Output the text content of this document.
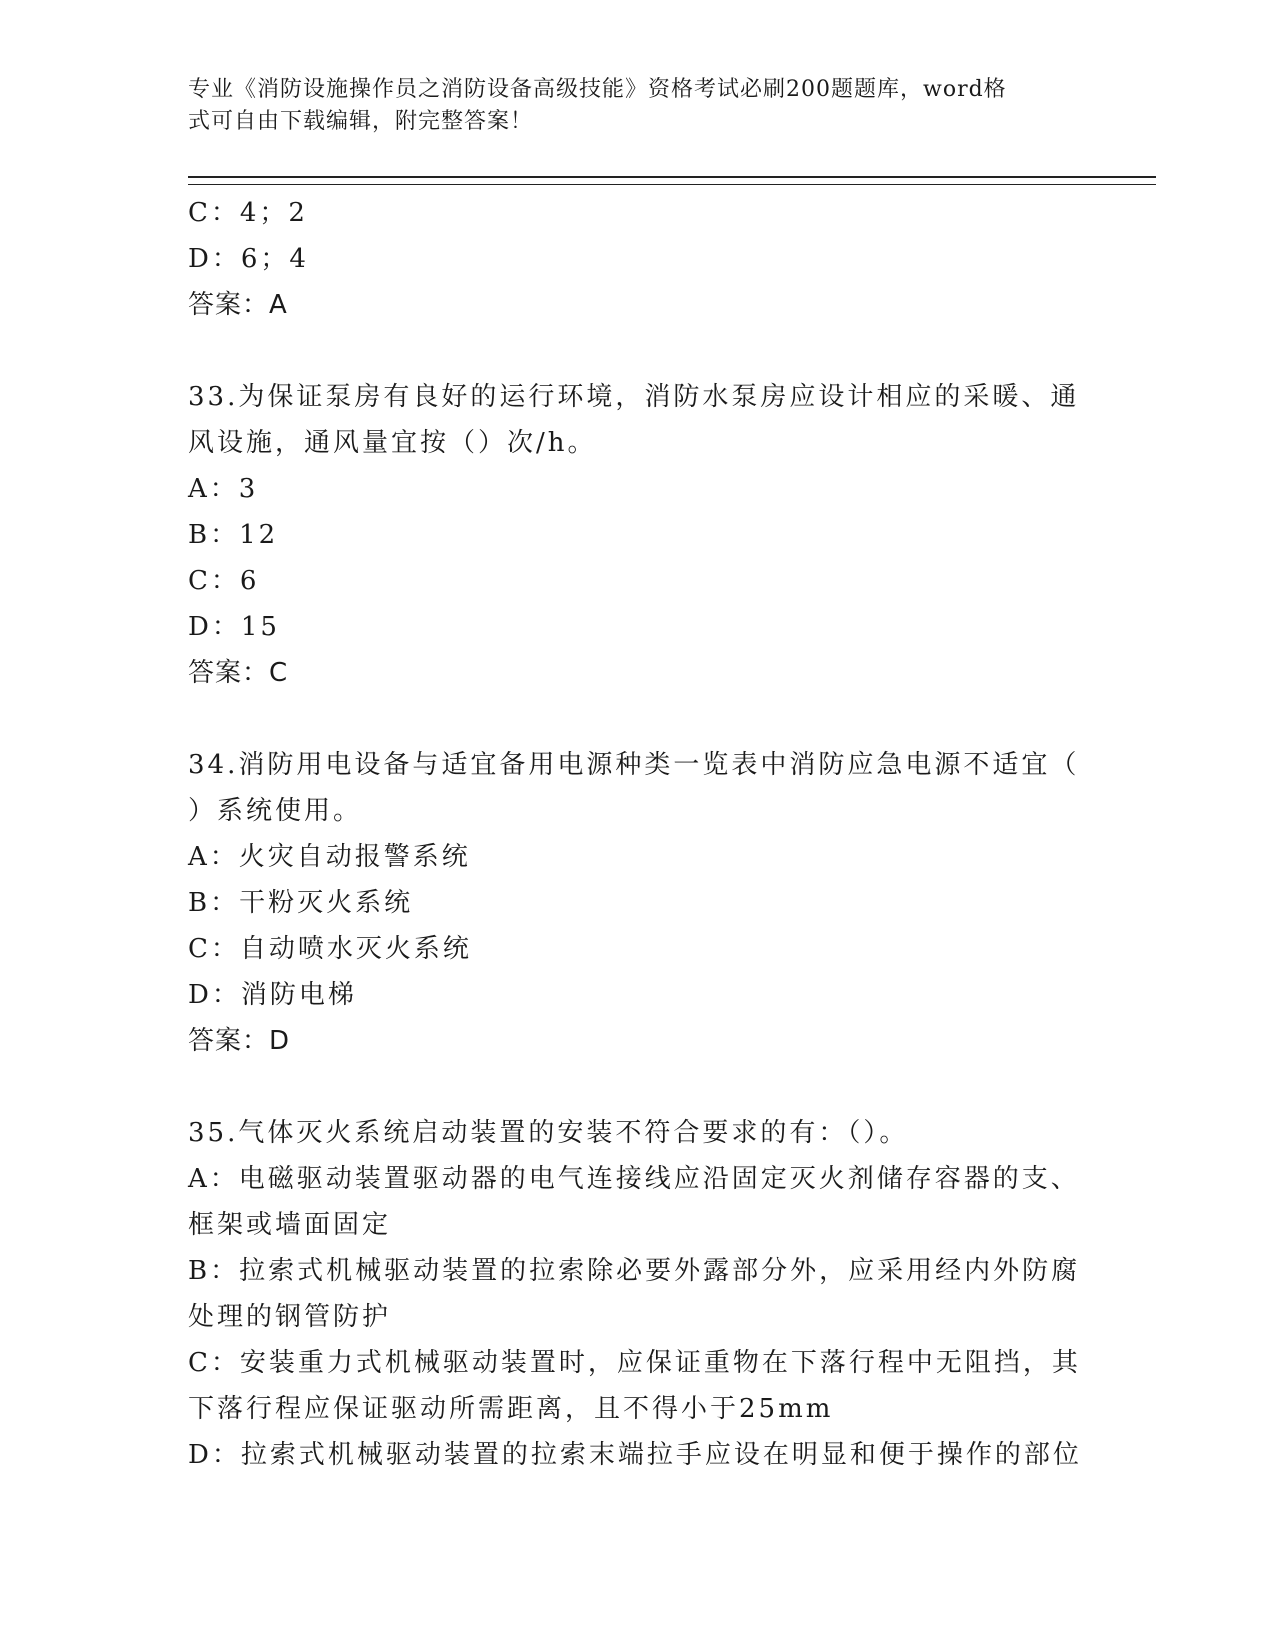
专业《消防设施操作员之消防设备高级技能》资格考试必刷200题题库，word格
式可自由下载编辑，附完整答案！
C：4；2
D：6；4
答案：A
33.为保证泵房有良好的运行环境，消防水泵房应设计相应的采暖、通
风设施，通风量宜按（）次/h。
A：3
B：12
C：6
D：15
答案：C
34.消防用电设备与适宜备用电源种类一览表中消防应急电源不适宜（
）系统使用。
A：火灾自动报警系统
B：干粉灭火系统
C：自动喷水灭火系统
D：消防电梯
答案：D
35.气体灭火系统启动装置的安装不符合要求的有：（）。
A：电磁驱动装置驱动器的电气连接线应沿固定灭火剂储存容器的支、
框架或墙面固定
B：拉索式机械驱动装置的拉索除必要外露部分外，应采用经内外防腐
处理的钢管防护
C：安装重力式机械驱动装置时，应保证重物在下落行程中无阻挡，其
下落行程应保证驱动所需距离，且不得小于25mm
D：拉索式机械驱动装置的拉索末端拉手应设在明显和便于操作的部位
